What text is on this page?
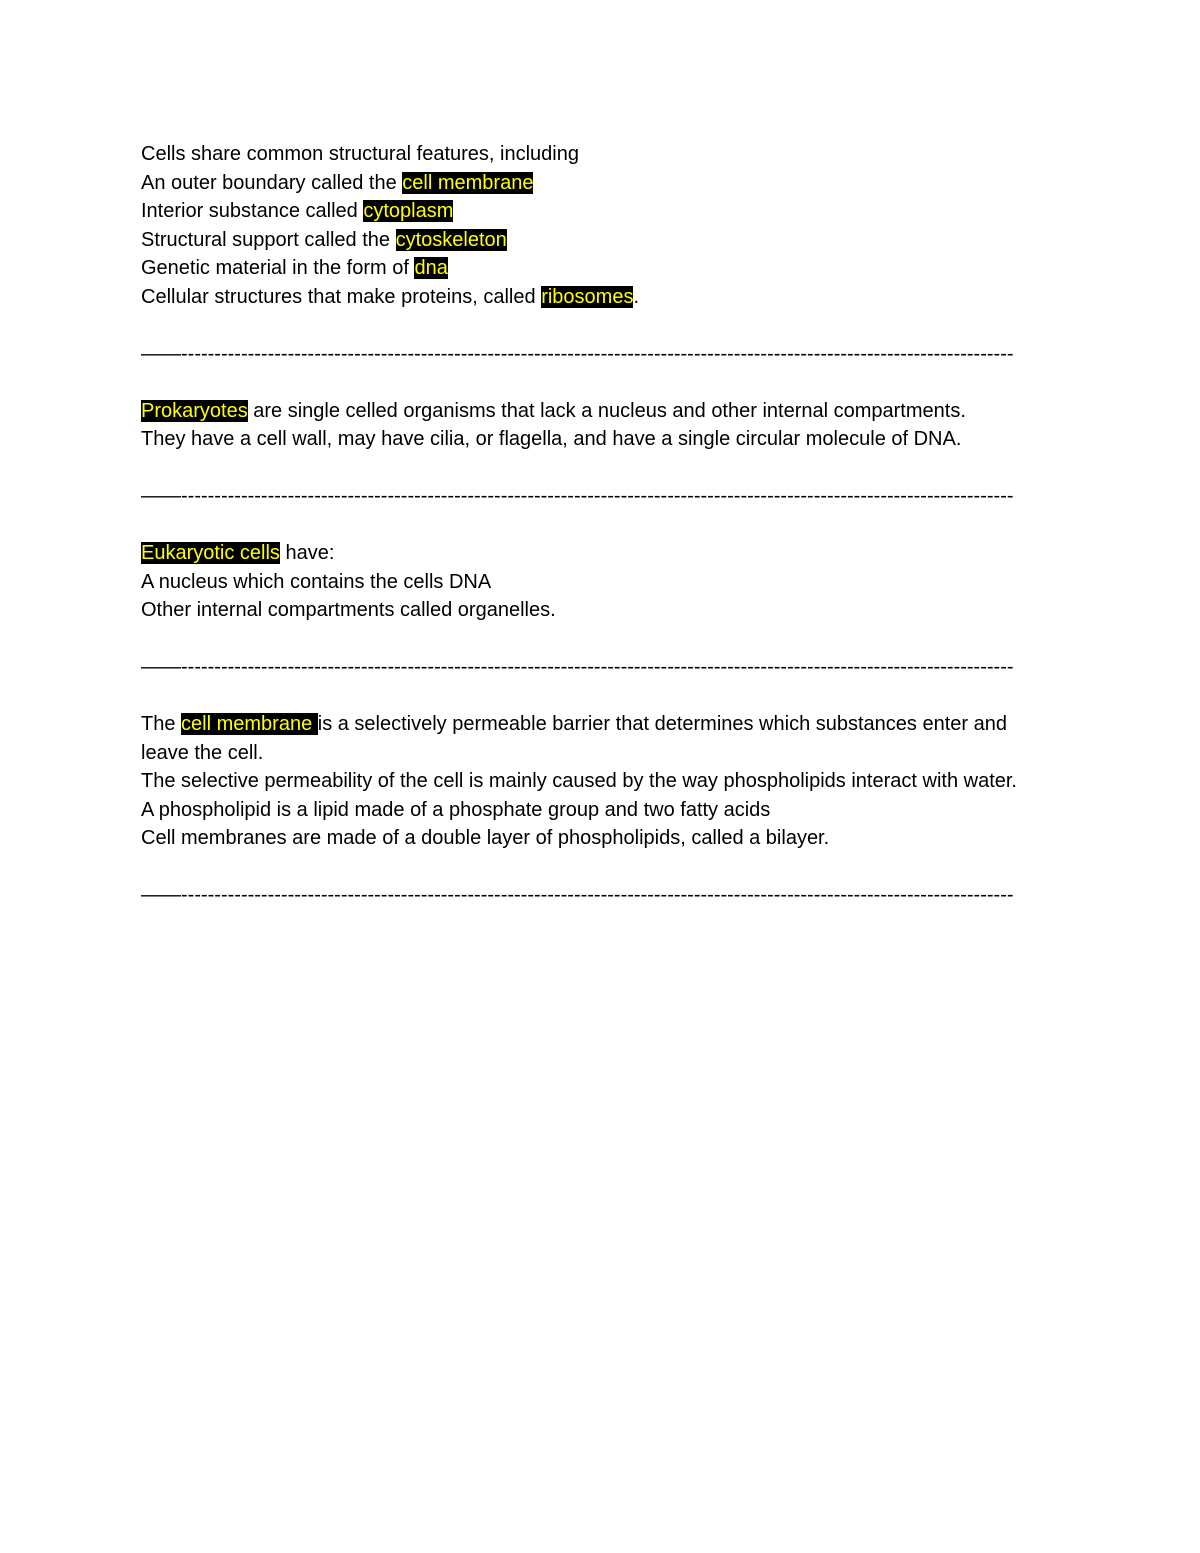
Cells share common structural features, including
An outer boundary called the cell membrane
Interior substance called cytoplasm
Structural support called the cytoskeleton
Genetic material in the form of dna
Cellular structures that make proteins, called ribosomes.
——-----------------------------------------------------------------------------------------------------------------------------
Prokaryotes are single celled organisms that lack a nucleus and other internal compartments.
They have a cell wall, may have cilia, or flagella, and have a single circular molecule of DNA.
——-----------------------------------------------------------------------------------------------------------------------------
Eukaryotic cells have:
A nucleus which contains the cells DNA
Other internal compartments called organelles.
——-----------------------------------------------------------------------------------------------------------------------------
The cell membrane is a selectively permeable barrier that determines which substances enter and leave the cell.
The selective permeability of the cell is mainly caused by the way phospholipids interact with water.
A phospholipid is a lipid made of a phosphate group and two fatty acids
Cell membranes are made of a double layer of phospholipids, called a bilayer.
——-----------------------------------------------------------------------------------------------------------------------------
